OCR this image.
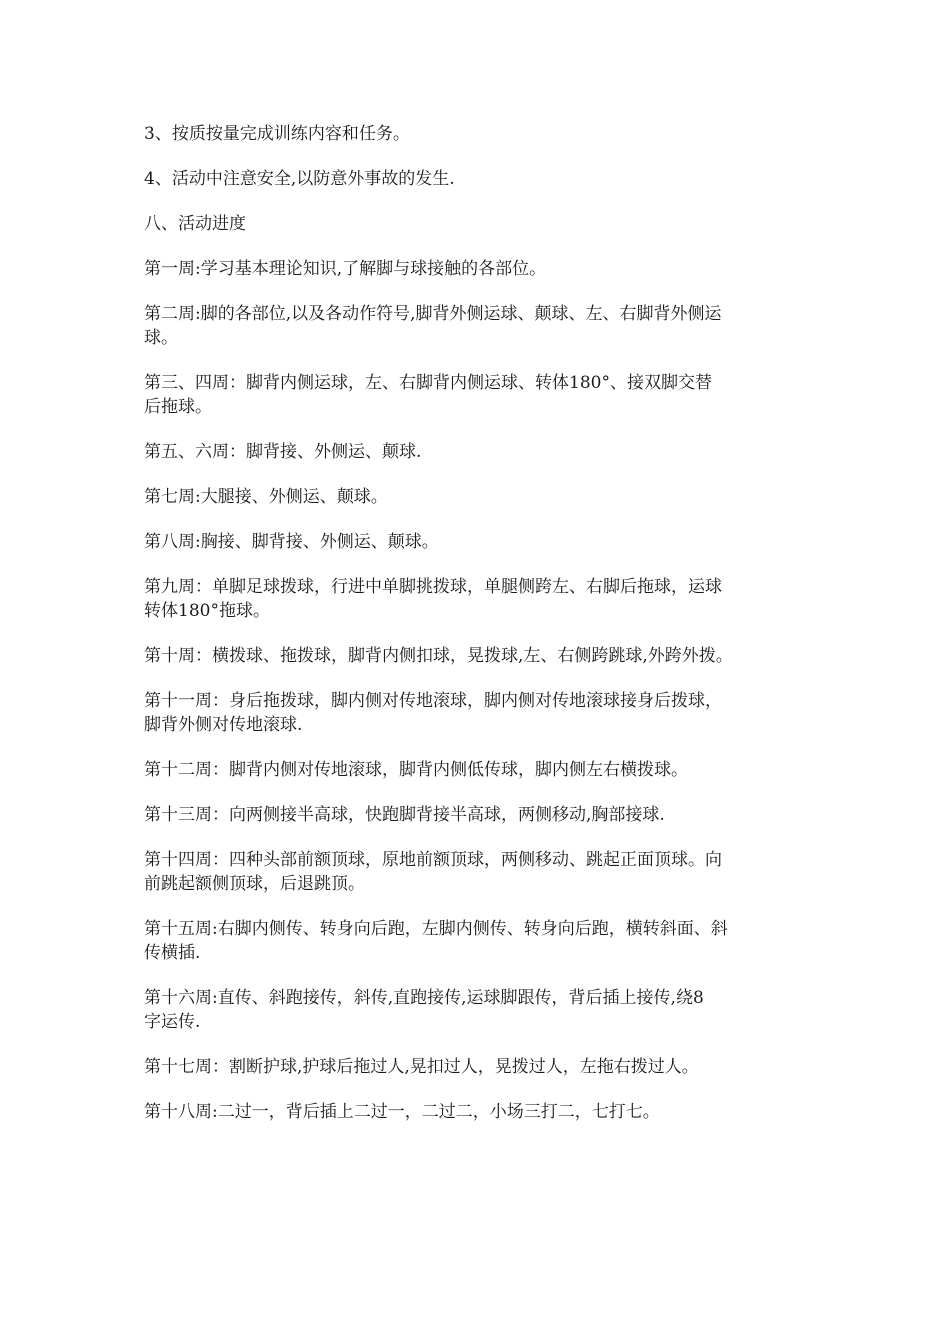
3、按质按量完成训练内容和任务。

4、活动中注意安全,以防意外事故的发生.

八、活动进度

第一周:学习基本理论知识,了解脚与球接触的各部位。

第二周:脚的各部位,以及各动作符号,脚背外侧运球、颠球、左、右脚背外侧运
球。

第三、四周：脚背内侧运球，左、右脚背内侧运球、转体180°、接双脚交替
后拖球。

第五、六周：脚背接、外侧运、颠球.

第七周:大腿接、外侧运、颠球。

第八周:胸接、脚背接、外侧运、颠球。

第九周：单脚足球拨球，行进中单脚挑拨球，单腿侧跨左、右脚后拖球，运球
转体180°拖球。

第十周：横拨球、拖拨球，脚背内侧扣球，晃拨球,左、右侧跨跳球,外跨外拨。

第十一周：身后拖拨球，脚内侧对传地滚球，脚内侧对传地滚球接身后拨球，
脚背外侧对传地滚球.

第十二周：脚背内侧对传地滚球，脚背内侧低传球，脚内侧左右横拨球。

第十三周：向两侧接半高球，快跑脚背接半高球，两侧移动,胸部接球.

第十四周：四种头部前额顶球，原地前额顶球，两侧移动、跳起正面顶球。向
前跳起额侧顶球，后退跳顶。

第十五周:右脚内侧传、转身向后跑，左脚内侧传、转身向后跑，横转斜面、斜
传横插.

第十六周:直传、斜跑接传，斜传,直跑接传,运球脚跟传，背后插上接传,绕8
字运传.

第十七周：割断护球,护球后拖过人,晃扣过人，晃拨过人，左拖右拨过人。

第十八周:二过一，背后插上二过一，二过二，小场三打二，七打七。
